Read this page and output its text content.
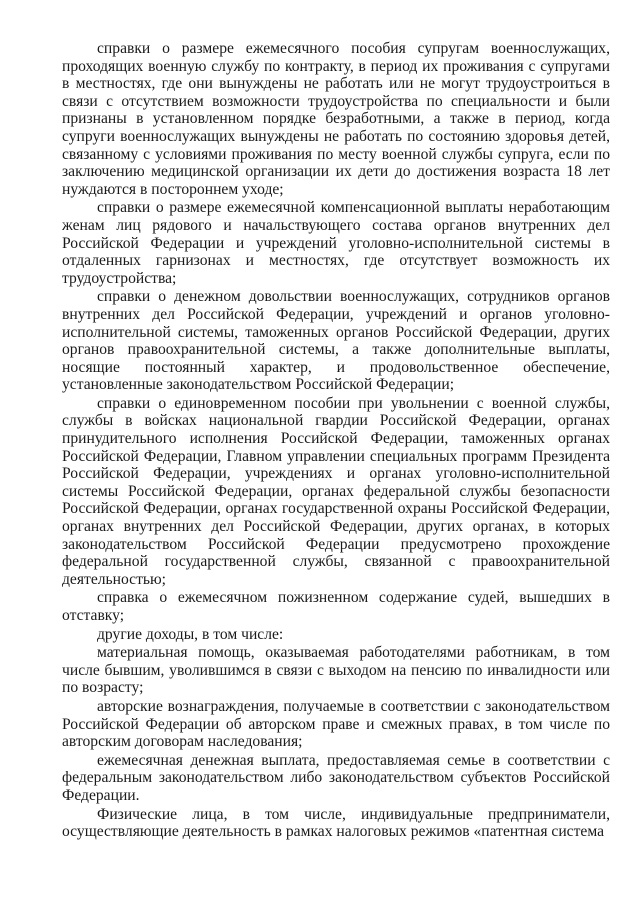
справки о размере ежемесячного пособия супругам военнослужащих, проходящих военную службу по контракту, в период их проживания с супругами в местностях, где они вынуждены не работать или не могут трудоустроиться в связи с отсутствием возможности трудоустройства по специальности и были признаны в установленном порядке безработными, а также в период, когда супруги военнослужащих вынуждены не работать по состоянию здоровья детей, связанному с условиями проживания по месту военной службы супруга, если по заключению медицинской организации их дети до достижения возраста 18 лет нуждаются в постороннем уходе;

справки о размере ежемесячной компенсационной выплаты неработающим женам лиц рядового и начальствующего состава органов внутренних дел Российской Федерации и учреждений уголовно-исполнительной системы в отдаленных гарнизонах и местностях, где отсутствует возможность их трудоустройства;

справки о денежном довольствии военнослужащих, сотрудников органов внутренних дел Российской Федерации, учреждений и органов уголовно-исполнительной системы, таможенных органов Российской Федерации, других органов правоохранительной системы, а также дополнительные выплаты, носящие постоянный характер, и продовольственное обеспечение, установленные законодательством Российской Федерации;

справки о единовременном пособии при увольнении с военной службы, службы в войсках национальной гвардии Российской Федерации, органах принудительного исполнения Российской Федерации, таможенных органах Российской Федерации, Главном управлении специальных программ Президента Российской Федерации, учреждениях и органах уголовно-исполнительной системы Российской Федерации, органах федеральной службы безопасности Российской Федерации, органах государственной охраны Российской Федерации, органах внутренних дел Российской Федерации, других органах, в которых законодательством Российской Федерации предусмотрено прохождение федеральной государственной службы, связанной с правоохранительной деятельностью;

справка о ежемесячном пожизненном содержание судей, вышедших в отставку;

другие доходы, в том числе:

материальная помощь, оказываемая работодателями работникам, в том числе бывшим, уволившимся в связи с выходом на пенсию по инвалидности или по возрасту;

авторские вознаграждения, получаемые в соответствии с законодательством Российской Федерации об авторском праве и смежных правах, в том числе по авторским договорам наследования;

ежемесячная денежная выплата, предоставляемая семье в соответствии с федеральным законодательством либо законодательством субъектов Российской Федерации.

Физические лица, в том числе, индивидуальные предприниматели, осуществляющие деятельность в рамках налоговых режимов «патентная система
